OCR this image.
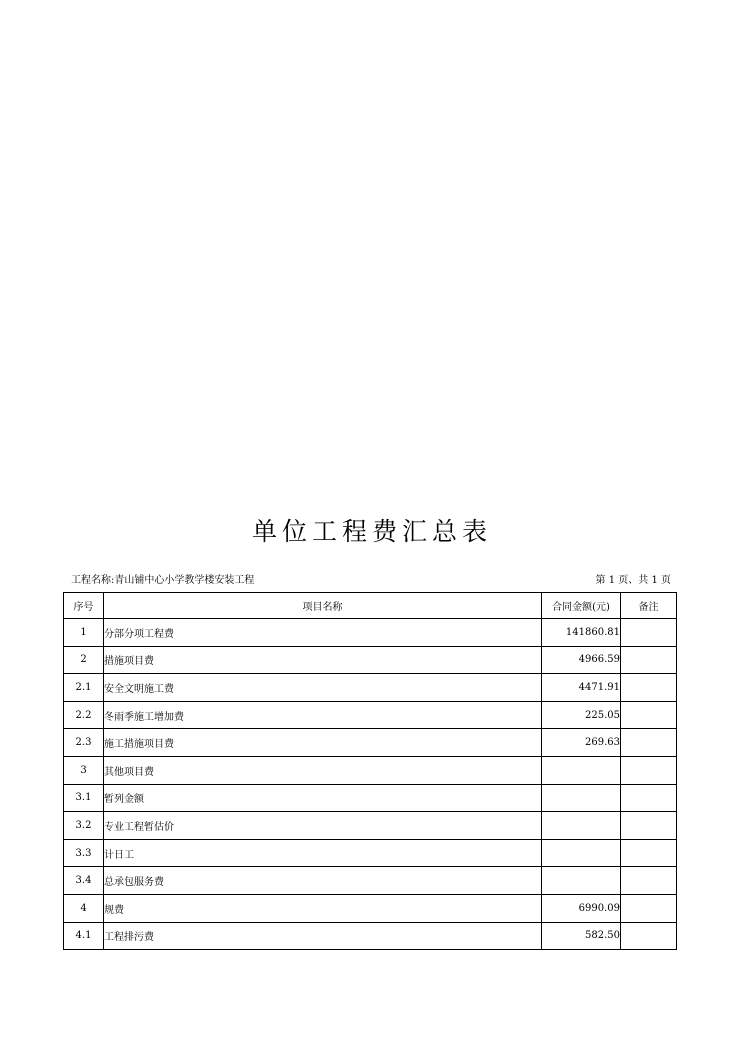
单位工程费汇总表
工程名称:青山铺中心小学教学楼安装工程	第 1 页、共 1 页
序号	项目名称	合同金额(元)	备注
1	分部分项工程费	141860.81	
2	措施项目费	4966.59	
2.1	安全文明施工费	4471.91	
2.2	冬雨季施工增加费	225.05	
2.3	施工措施项目费	269.63	
3	其他项目费		
3.1	暂列金额		
3.2	专业工程暂估价		
3.3	计日工		
3.4	总承包服务费		
4	规费	6990.09	
4.1	工程排污费	582.50	
